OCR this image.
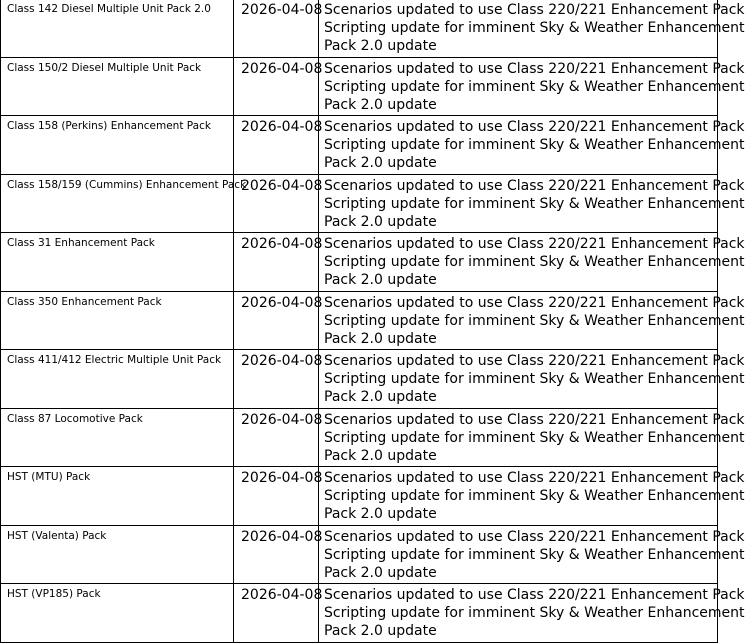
Class 142 Diesel Multiple Unit Pack 2.0	2026-04-08	Scenarios updated to use Class 220/221 Enhancement Pack
Scripting update for imminent Sky & Weather Enhancement
Pack 2.0 update

Class 150/2 Diesel Multiple Unit Pack	2026-04-08	Scenarios updated to use Class 220/221 Enhancement Pack
Scripting update for imminent Sky & Weather Enhancement
Pack 2.0 update

Class 158 (Perkins) Enhancement Pack	2026-04-08	Scenarios updated to use Class 220/221 Enhancement Pack
Scripting update for imminent Sky & Weather Enhancement
Pack 2.0 update

Class 158/159 (Cummins) Enhancement Pack	2026-04-08	Scenarios updated to use Class 220/221 Enhancement Pack
Scripting update for imminent Sky & Weather Enhancement
Pack 2.0 update

Class 31 Enhancement Pack	2026-04-08	Scenarios updated to use Class 220/221 Enhancement Pack
Scripting update for imminent Sky & Weather Enhancement
Pack 2.0 update

Class 350 Enhancement Pack	2026-04-08	Scenarios updated to use Class 220/221 Enhancement Pack
Scripting update for imminent Sky & Weather Enhancement
Pack 2.0 update

Class 411/412 Electric Multiple Unit Pack	2026-04-08	Scenarios updated to use Class 220/221 Enhancement Pack
Scripting update for imminent Sky & Weather Enhancement
Pack 2.0 update

Class 87 Locomotive Pack	2026-04-08	Scenarios updated to use Class 220/221 Enhancement Pack
Scripting update for imminent Sky & Weather Enhancement
Pack 2.0 update

HST (MTU) Pack	2026-04-08	Scenarios updated to use Class 220/221 Enhancement Pack
Scripting update for imminent Sky & Weather Enhancement
Pack 2.0 update

HST (Valenta) Pack	2026-04-08	Scenarios updated to use Class 220/221 Enhancement Pack
Scripting update for imminent Sky & Weather Enhancement
Pack 2.0 update

HST (VP185) Pack	2026-04-08	Scenarios updated to use Class 220/221 Enhancement Pack
Scripting update for imminent Sky & Weather Enhancement
Pack 2.0 update
